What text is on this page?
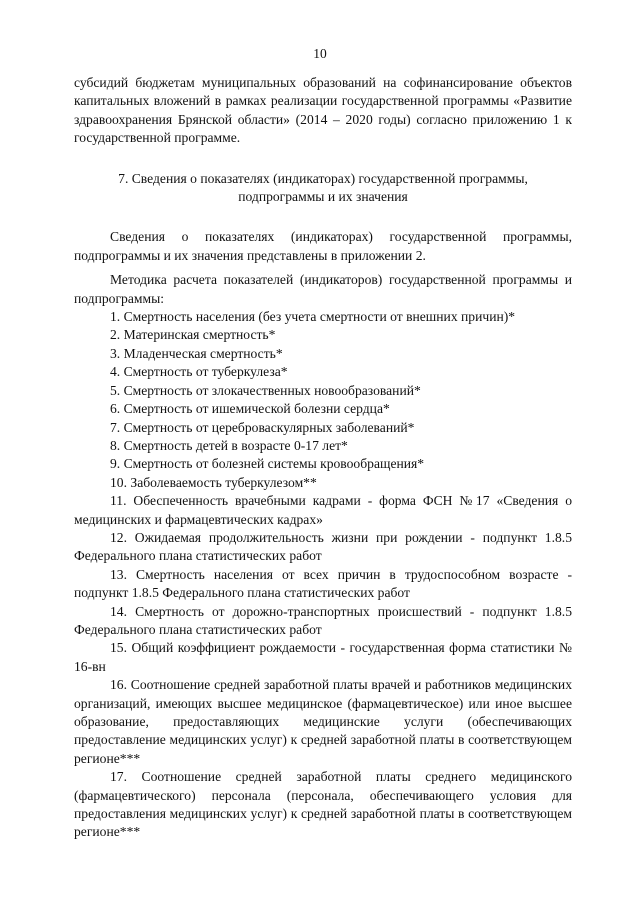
10

субсидий бюджетам муниципальных образований на софинансирование объектов капитальных вложений в рамках реализации государственной программы «Развитие здравоохранения Брянской области» (2014 – 2020 годы) согласно приложению 1 к государственной программе.

7. Сведения о показателях (индикаторах) государственной программы,
подпрограммы и их значения

Сведения о показателях (индикаторах) государственной программы, подпрограммы и их значения представлены в приложении 2.

Методика расчета показателей (индикаторов) государственной программы и подпрограммы:

1. Смертность населения (без учета смертности от внешних причин)*
2. Материнская смертность*
3. Младенческая смертность*
4. Смертность от туберкулеза*
5. Смертность от злокачественных новообразований*
6. Смертность от ишемической болезни сердца*
7. Смертность от цереброваскулярных заболеваний*
8. Смертность детей в возрасте 0-17 лет*
9. Смертность от болезней системы кровообращения*
10. Заболеваемость туберкулезом**
11. Обеспеченность врачебными кадрами - форма ФСН №17 «Сведения о медицинских и фармацевтических кадрах»
12. Ожидаемая продолжительность жизни при рождении - подпункт 1.8.5 Федерального плана статистических работ
13. Смертность населения от всех причин в трудоспособном возрасте - подпункт 1.8.5 Федерального плана статистических работ
14. Смертность от дорожно-транспортных происшествий - подпункт 1.8.5 Федерального плана статистических работ
15. Общий коэффициент рождаемости - государственная форма статистики № 16-вн
16. Соотношение средней заработной платы врачей и работников медицинских организаций, имеющих высшее медицинское (фармацевтическое) или иное высшее образование, предоставляющих медицинские услуги (обеспечивающих предоставление медицинских услуг) к средней заработной платы в соответствующем регионе***
17. Соотношение средней заработной платы среднего медицинского (фармацевтического) персонала (персонала, обеспечивающего условия для предоставления медицинских услуг) к средней заработной платы в соответствующем регионе***
